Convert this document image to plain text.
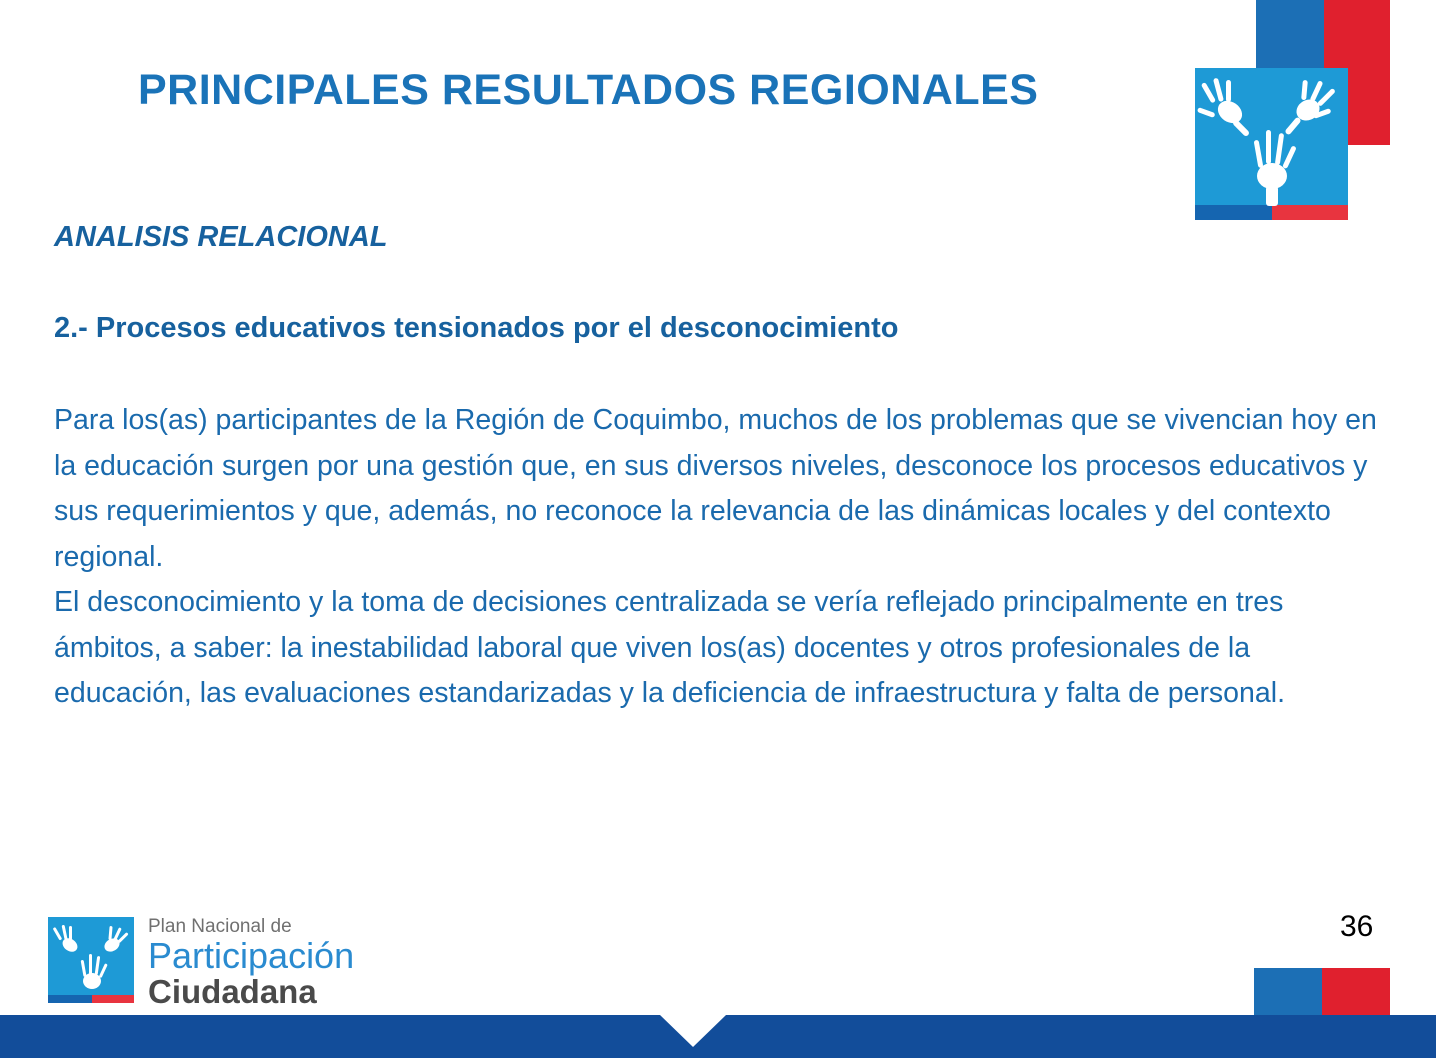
PRINCIPALES RESULTADOS REGIONALES
ANALISIS RELACIONAL
2.- Procesos educativos tensionados por el desconocimiento

Para los(as) participantes de la Región de Coquimbo, muchos de los problemas que se vivencian hoy en la educación surgen por una gestión que, en sus diversos niveles, desconoce los procesos educativos y sus requerimientos y que, además, no reconoce la relevancia de las dinámicas locales y del contexto regional.

El desconocimiento y la toma de decisiones centralizada se vería reflejado principalmente en tres ámbitos, a saber: la inestabilidad laboral que viven los(as) docentes y otros profesionales de la educación, las evaluaciones estandarizadas y la deficiencia de infraestructura y falta de personal.

36
Plan Nacional de
Participación
Ciudadana
